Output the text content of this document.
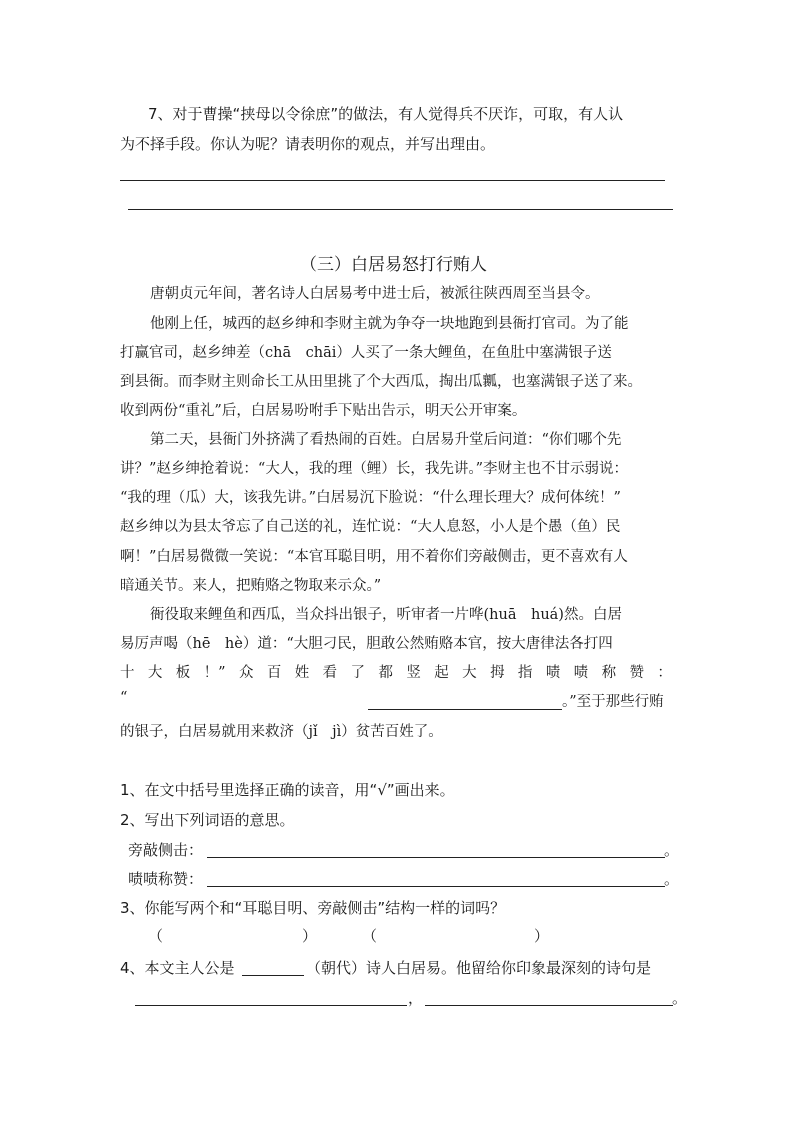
7、对于曹操“挟母以令徐庶”的做法，有人觉得兵不厌诈，可取，有人认
为不择手段。你认为呢？请表明你的观点，并写出理由。
（三）白居易怒打行贿人
唐朝贞元年间，著名诗人白居易考中进士后，被派往陕西周至当县令。
他刚上任，城西的赵乡绅和李财主就为争夺一块地跑到县衙打官司。为了能
打赢官司，赵乡绅差（chā　chāi）人买了一条大鲤鱼，在鱼肚中塞满银子送
到县衙。而李财主则命长工从田里挑了个大西瓜，掏出瓜瓤，也塞满银子送了来。
收到两份“重礼”后，白居易吩咐手下贴出告示，明天公开审案。
第二天，县衙门外挤满了看热闹的百姓。白居易升堂后问道：“你们哪个先
讲？”赵乡绅抢着说：“大人，我的理（鲤）长，我先讲。”李财主也不甘示弱说：
“我的理（瓜）大，该我先讲。”白居易沉下脸说：“什么理长理大？成何体统！”
赵乡绅以为县太爷忘了自己送的礼，连忙说：“大人息怒，小人是个愚（鱼）民
啊！”白居易微微一笑说：“本官耳聪目明，用不着你们旁敲侧击，更不喜欢有人
暗通关节。来人，把贿赂之物取来示众。”
衙役取来鲤鱼和西瓜，当众抖出银子，听审者一片哗(huā　huá)然。白居
易厉声喝（hē　hè）道：“大胆刁民，胆敢公然贿赂本官，按大唐律法各打四
十 大 板 ！” 众 百 姓 看 了 都 竖 起 大 拇 指 啧 啧 称 赞 ：
“	。”至于那些行贿
的银子，白居易就用来救济（jǐ　jì）贫苦百姓了。
1、在文中括号里选择正确的读音，用“√”画出来。
2、写出下列词语的意思。
旁敲侧击：	。
啧啧称赞：	。
3、你能写两个和“耳聪目明、旁敲侧击”结构一样的词吗？
（	）	（	）
4、本文主人公是	（朝代）诗人白居易。他留给你印象最深刻的诗句是
，	。
